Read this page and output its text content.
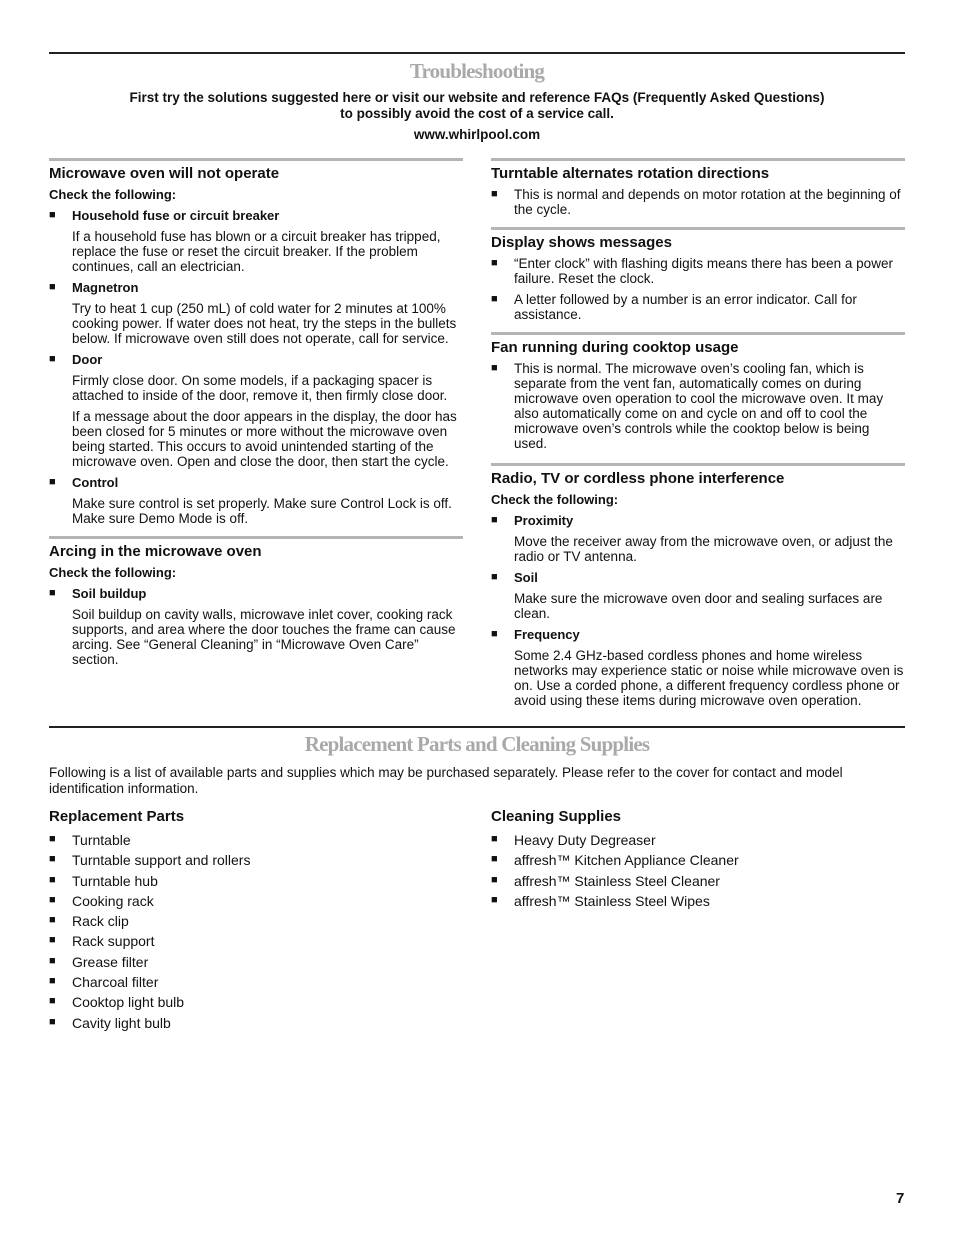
Troubleshooting
First try the solutions suggested here or visit our website and reference FAQs (Frequently Asked Questions)
to possibly avoid the cost of a service call.
www.whirlpool.com
Microwave oven will not operate
Check the following:
■	Household fuse or circuit breaker

If a household fuse has blown or a circuit breaker has tripped, replace the fuse or reset the circuit breaker. If the problem continues, call an electrician.

■	Magnetron

Try to heat 1 cup (250 mL) of cold water for 2 minutes at 100% cooking power. If water does not heat, try the steps in the bullets below. If microwave oven still does not operate, call for service.

■	Door

Firmly close door. On some models, if a packaging spacer is attached to inside of the door, remove it, then firmly close door.

If a message about the door appears in the display, the door has been closed for 5 minutes or more without the microwave oven being started. This occurs to avoid unintended starting of the microwave oven. Open and close the door, then start the cycle.

■	Control

Make sure control is set properly. Make sure Control Lock is off. Make sure Demo Mode is off.

Arcing in the microwave oven
Check the following:
■	Soil buildup

Soil buildup on cavity walls, microwave inlet cover, cooking rack supports, and area where the door touches the frame can cause arcing. See “General Cleaning” in “Microwave Oven Care” section.

Turntable alternates rotation directions
■	This is normal and depends on motor rotation at the beginning of the cycle.
Display shows messages
■	“Enter clock” with flashing digits means there has been a power failure. Reset the clock.
■	A letter followed by a number is an error indicator. Call for assistance.
Fan running during cooktop usage
■	This is normal. The microwave oven’s cooling fan, which is separate from the vent fan, automatically comes on during microwave oven operation to cool the microwave oven. It may also automatically come on and cycle on and off to cool the microwave oven’s controls while the cooktop below is being used.
Radio, TV or cordless phone interference
Check the following:
■	Proximity

Move the receiver away from the microwave oven, or adjust the radio or TV antenna.

■	Soil

Make sure the microwave oven door and sealing surfaces are clean.

■	Frequency

Some 2.4 GHz-based cordless phones and home wireless networks may experience static or noise while microwave oven is on. Use a corded phone, a different frequency cordless phone or avoid using these items during microwave oven operation.

Replacement Parts and Cleaning Supplies
Following is a list of available parts and supplies which may be purchased separately. Please refer to the cover for contact and model identification information.
Replacement Parts
■	Turntable
■	Turntable support and rollers
■	Turntable hub
■	Cooking rack
■	Rack clip
■	Rack support
■	Grease filter
■	Charcoal filter
■	Cooktop light bulb
■	Cavity light bulb
Cleaning Supplies
■	Heavy Duty Degreaser
■	affresh™ Kitchen Appliance Cleaner
■	affresh™ Stainless Steel Cleaner
■	affresh™ Stainless Steel Wipes
7
